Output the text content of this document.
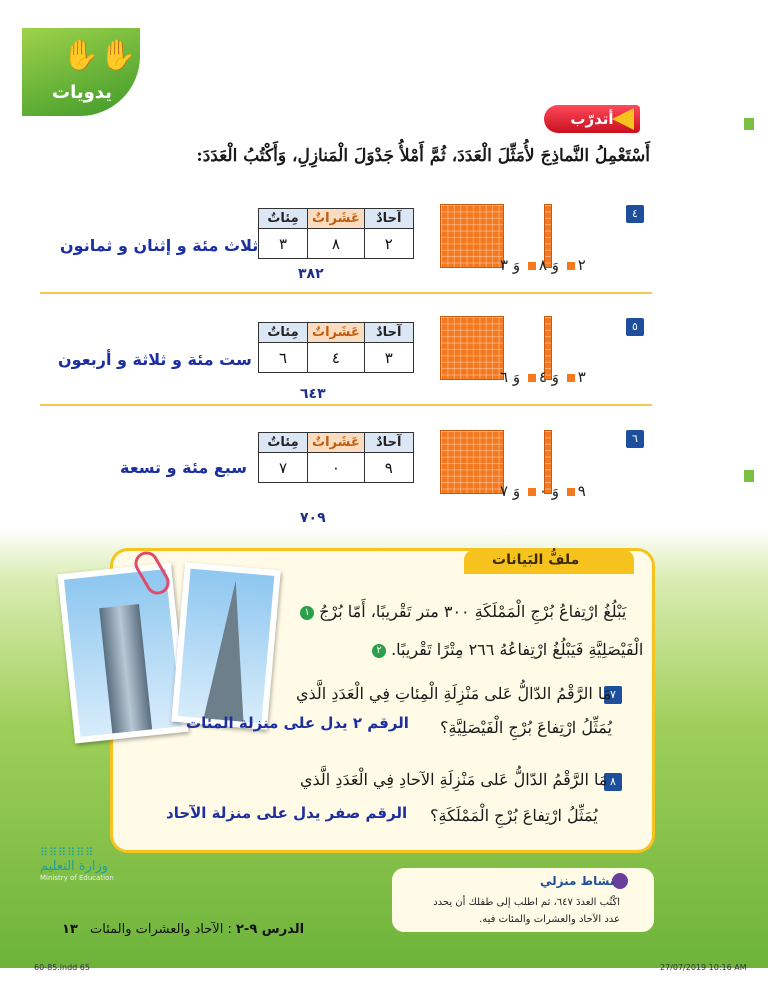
✋✋
يدويات
أتدرّب
أَسْتَعْمِلُ النَّماذِجَ لأُمَثِّلَ الْعَدَدَ، ثُمَّ أَمْلأُ جَدْوَلَ الْمَنازِلِ، وَأَكْتُبُ الْعَدَدَ:
٤
٢ وَ ٨ وَ ٣
آحادٌ	عَشَراتٌ	مِئاتٌ
٢	٨	٣
٣٨٢
ثلاث مئة و إثنان و ثمانون
٥
٣ وَ ٤ وَ ٦
آحادٌ	عَشَراتٌ	مِئاتٌ
٣	٤	٦
٦٤٣
ست مئة و ثلاثة و أربعون
٦
٩ وَ ٠ وَ ٧
آحادٌ	عَشَراتٌ	مِئاتٌ
٩	٠	٧
٧٠٩
سبع مئة و تسعة
ملفُّ البَيانات
يَبْلُغُ ارْتِفاعُ بُرْجِ الْمَمْلَكَةِ ٣٠٠ متر تَقْريبًا، أَمّا بُرْجُ ١
الْفَيْصَلِيَّةِ فَيَبْلُغُ ارْتِفاعُهُ ٢٦٦ مِتْرًا تَقْريبًا. ٢
٧
مَا الرَّقْمُ الدّالُّ عَلى مَنْزِلَةِ الْمِئاتِ فِي الْعَدَدِ الَّذي
يُمَثِّلُ ارْتِفاعَ بُرْجِ الْفَيْصَلِيَّةِ؟
الرقم ٢ يدل على منزلة المئات
٨
مَا الرَّقْمُ الدّالُّ عَلى مَنْزِلَةِ الآحادِ فِي الْعَدَدِ الَّذي
يُمَثِّلُ ارْتِفاعَ بُرْجِ الْمَمْلَكَةِ؟
الرقم صفر يدل على منزلة الآحاد
نشاط منزلي
اكْتُب العددَ ٦٤٧، ثم اطلب إلى طفلك أن يحدد
عدد الآحاد والعشرات والمئات فيه.
⠿⠿⠿⠿⠿⠿
وزارة التعليم
Ministry of Education
الدرس ٩-٢ : الآحاد والعشرات والمئات
١٣
60-85.indd 65	27/07/2019 10:16 AM
